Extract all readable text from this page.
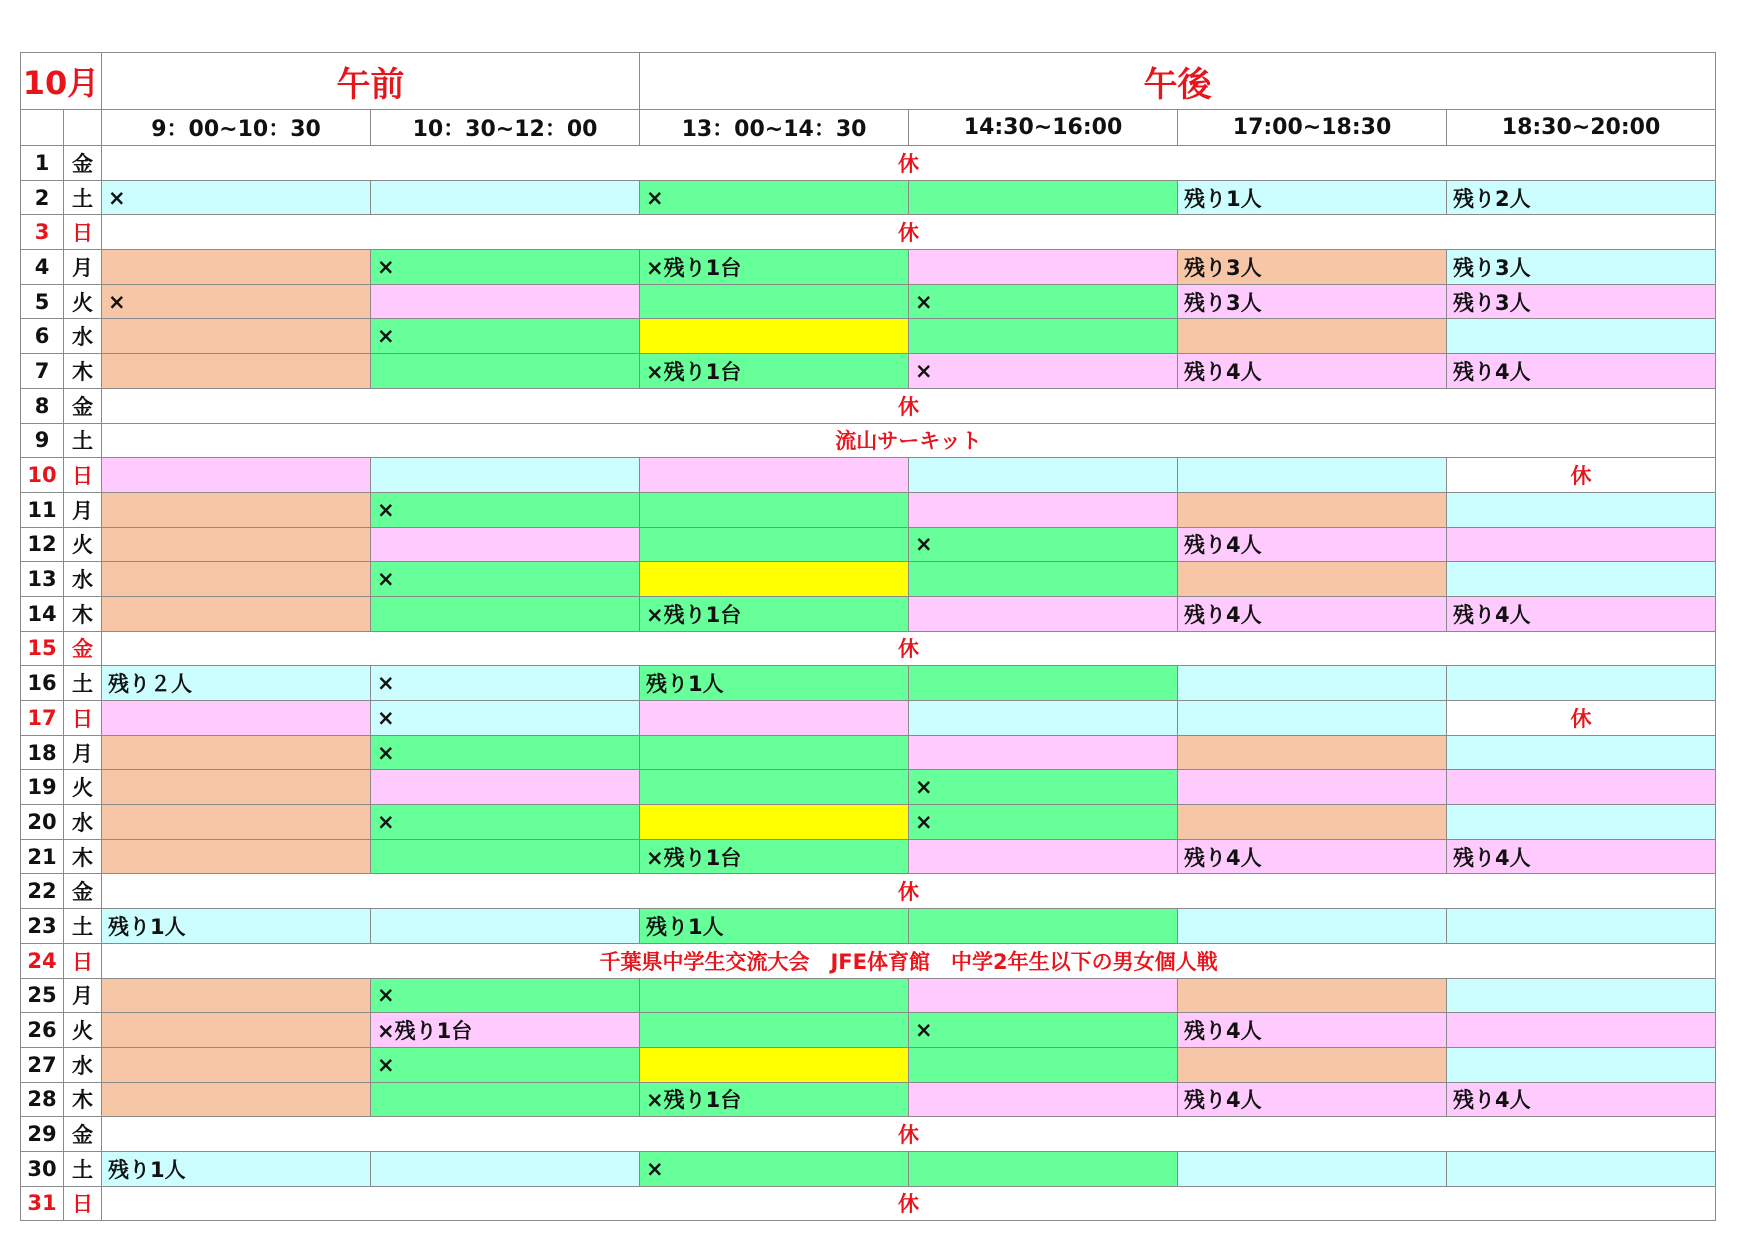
10月		午前		午後			
		9：00~10：30	10：30~12：00	13：00~14：30	14:30~16:00	17:00~18:30	18:30~20:00
1	金	休					
2	土	×		×		残り1人	残り2人
3	日	休					
4	月		×	×残り1台		残り3人	残り3人
5	火	×			×	残り3人	残り3人
6	水		×				
7	木			×残り1台	×	残り4人	残り4人
8	金	休					
9	土	流山サーキット					
10	日						休
11	月		×				
12	火				×	残り4人	
13	水		×				
14	木			×残り1台		残り4人	残り4人
15	金	休					
16	土	残り２人	×	残り1人			
17	日		×				休
18	月		×				
19	火				×		
20	水		×		×		
21	木			×残り1台		残り4人	残り4人
22	金	休					
23	土	残り1人		残り1人			
24	日	千葉県中学生交流大会　JFE体育館　中学2年生以下の男女個人戦					
25	月		×				
26	火		×残り1台		×	残り4人	
27	水		×				
28	木			×残り1台		残り4人	残り4人
29	金	休					
30	土	残り1人		×			
31	日	休					
